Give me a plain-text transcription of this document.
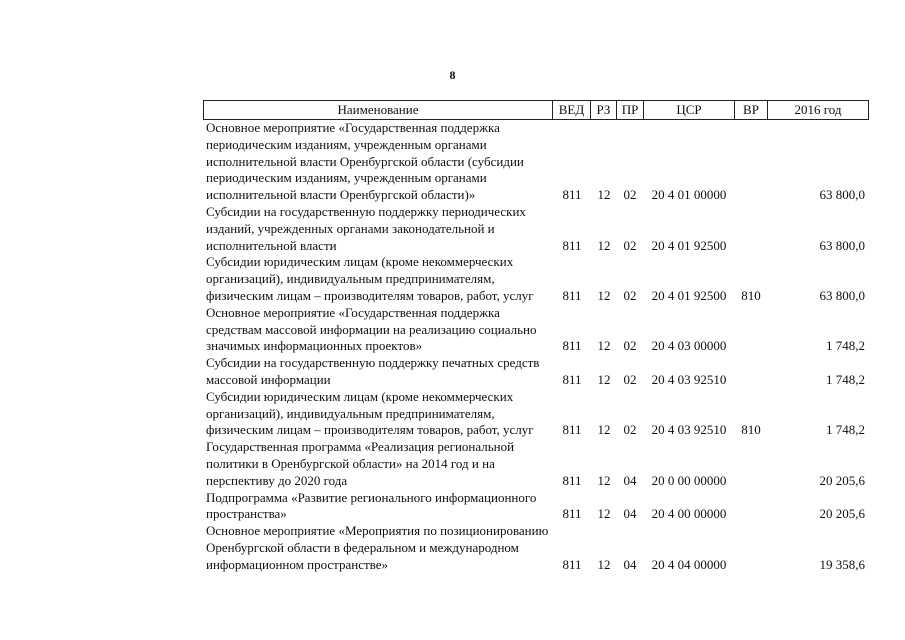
8
Наименование	ВЕД РЗ ПР	ЦСР	ВР	2016 год
Основное мероприятие «Государственная поддержка
периодическим изданиям, учрежденным органами
исполнительной власти Оренбургской области (субсидии
периодическим изданиям, учрежденным органами
исполнительной власти Оренбургской области)»	811	12	02	20 4 01 00000	63 800,0
Субсидии на государственную поддержку периодических
изданий, учрежденных органами законодательной и
исполнительной власти	811	12	02	20 4 01 92500	63 800,0
Субсидии юридическим лицам (кроме некоммерческих
организаций), индивидуальным предпринимателям,
физическим лицам – производителям товаров, работ, услуг	811	12	02	20 4 01 92500	810	63 800,0
Основное мероприятие «Государственная поддержка
средствам массовой информации на реализацию социально
значимых информационных проектов»	811	12	02	20 4 03 00000	1 748,2
Субсидии на государственную поддержку печатных средств
массовой информации	811	12	02	20 4 03 92510	1 748,2
Субсидии юридическим лицам (кроме некоммерческих
организаций), индивидуальным предпринимателям,
физическим лицам – производителям товаров, работ, услуг	811	12	02	20 4 03 92510	810	1 748,2
Государственная программа «Реализация региональной
политики в Оренбургской области» на 2014 год и на
перспективу до 2020 года	811	12	04	20 0 00 00000	20 205,6
Подпрограмма «Развитие регионального информационного
пространства»	811	12	04	20 4 00 00000	20 205,6
Основное мероприятие «Мероприятия по позиционированию
Оренбургской области в федеральном и международном
информационном пространстве»	811	12	04	20 4 04 00000	19 358,6
